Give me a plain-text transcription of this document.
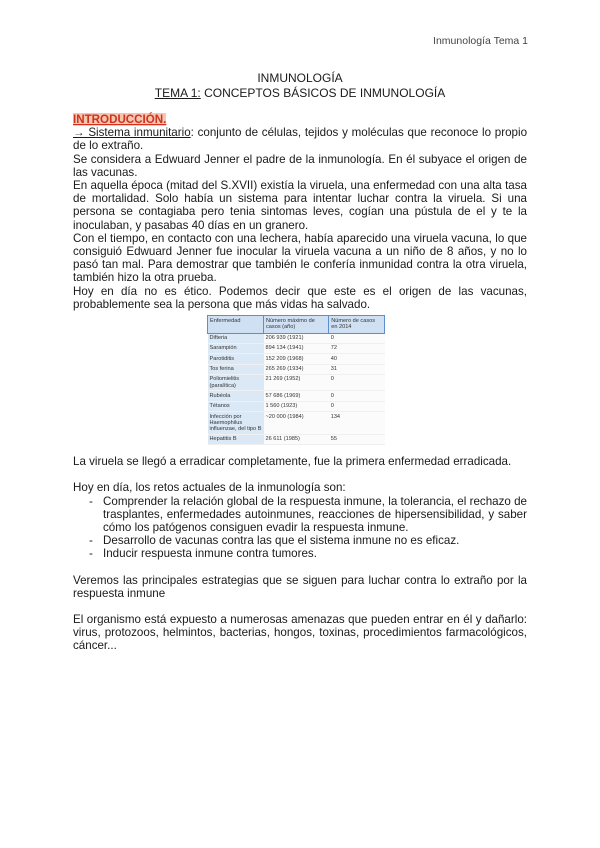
Inmunología Tema 1
INMUNOLOGÍA
TEMA 1: CONCEPTOS BÁSICOS DE INMUNOLOGÍA
INTRODUCCIÓN.

→ Sistema inmunitario: conjunto de células, tejidos y moléculas que reconoce lo propio de lo extraño.

Se considera a Edwuard Jenner el padre de la inmunología. En él subyace el origen de las vacunas.

En aquella época (mitad del S.XVII) existía la viruela, una enfermedad con una alta tasa de mortalidad. Solo había un sistema para intentar luchar contra la viruela. Si una persona se contagiaba pero tenia sintomas leves, cogían una pústula de el y te la inoculaban, y pasabas 40 días en un granero.

Con el tiempo, en contacto con una lechera, había aparecido una viruela vacuna, lo que consiguió Edwuard Jenner fue inocular la viruela vacuna a un niño de 8 años, y no lo pasó tan mal. Para demostrar que también le confería inmunidad contra la otra viruela, también hizo la otra prueba.

Hoy en día no es ético. Podemos decir que este es el origen de las vacunas, probablemente sea la persona que más vidas ha salvado.

Enfermedad	Número máximo de casos (año)	Número de casos en 2014
Difteria	206 939 (1921)	0
Sarampión	894 134 (1941)	72
Parotiditis	152 209 (1968)	40
Tos ferina	265 269 (1934)	31
Poliomielitis (paralítica)	21 269 (1952)	0
Rubéola	57 686 (1969)	0
Tétanos	1 560 (1923)	0
Infección por Haemophilus influenzae, del tipo B	~20 000 (1984)	134
Hepatitis B	26 611 (1985)	55

La viruela se llegó a erradicar completamente, fue la primera enfermedad erradicada.

Hoy en día, los retos actuales de la inmunología son:

- Comprender la relación global de la respuesta inmune, la tolerancia, el rechazo de trasplantes, enfermedades autoinmunes, reacciones de hipersensibilidad, y saber cómo los patógenos consiguen evadir la respuesta inmune.
- Desarrollo de vacunas contra las que el sistema inmune no es eficaz.
- Inducir respuesta inmune contra tumores.

Veremos las principales estrategias que se siguen para luchar contra lo extraño por la respuesta inmune

El organismo está expuesto a numerosas amenazas que pueden entrar en él y dañarlo: virus, protozoos, helmintos, bacterias, hongos, toxinas, procedimientos farmacológicos, cáncer...
